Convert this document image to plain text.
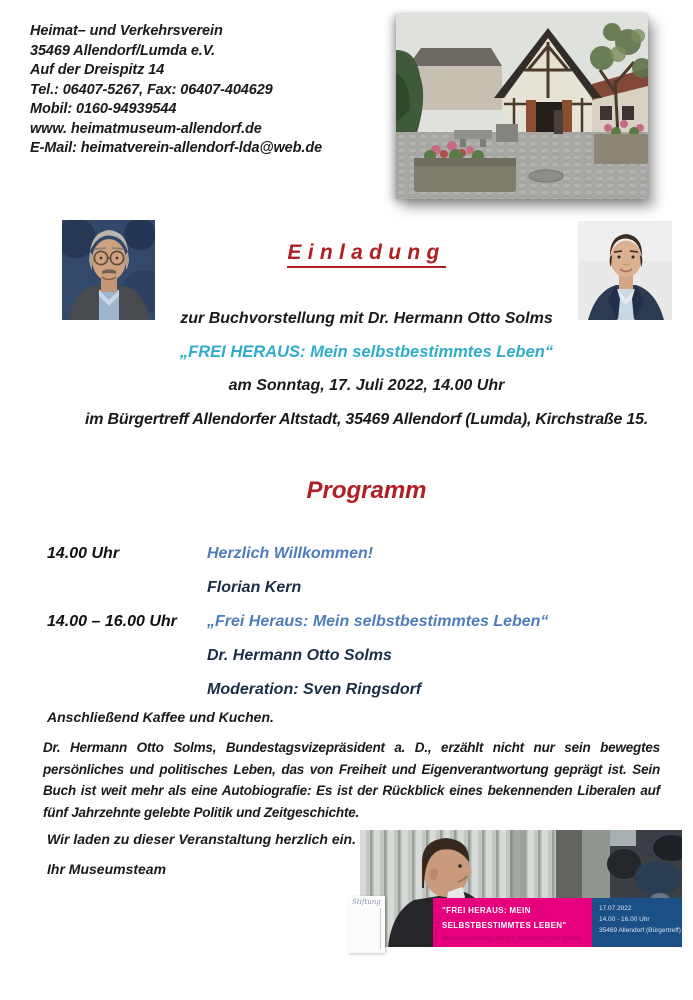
Heimat– und Verkehrsverein
35469 Allendorf/Lumda e.V.
Auf der Dreispitz 14
Tel.: 06407-5267, Fax: 06407-404629
Mobil: 0160-94939544
www. heimatmuseum-allendorf.de
E-Mail: heimatverein-allendorf-lda@web.de
Einladung
zur Buchvorstellung mit Dr. Hermann Otto Solms
„FREI HERAUS: Mein selbstbestimmtes Leben“
am Sonntag, 17. Juli 2022, 14.00 Uhr
im Bürgertreff Allendorfer Altstadt, 35469 Allendorf (Lumda), Kirchstraße 15.
Programm
14.00 Uhr	Herzlich Willkommen!
Florian Kern
14.00 – 16.00 Uhr	„Frei Heraus: Mein selbstbestimmtes Leben“
Dr. Hermann Otto Solms
Moderation: Sven Ringsdorf
Anschließend Kaffee und Kuchen.
Dr. Hermann Otto Solms, Bundestagsvizepräsident a. D., erzählt nicht nur sein bewegtes persönliches und politisches Leben, das von Freiheit und Eigenverantwortung geprägt ist. Sein Buch ist weit mehr als eine Autobiografie: Es ist der Rückblick eines bekennenden Liberalen auf fünf Jahrzehnte gelebte Politik und Zeitgeschichte.
Wir laden zu dieser Veranstaltung herzlich ein.
Ihr Museumsteam
Stiftung
"FREI HERAUS: MEIN
SELBSTBESTIMMTES LEBEN"
Buchvorstellung mit Dr. Hermann Otto Solms
17.07.2022
14.00 - 16.00 Uhr
35469 Allendorf (Bürgertreff)
